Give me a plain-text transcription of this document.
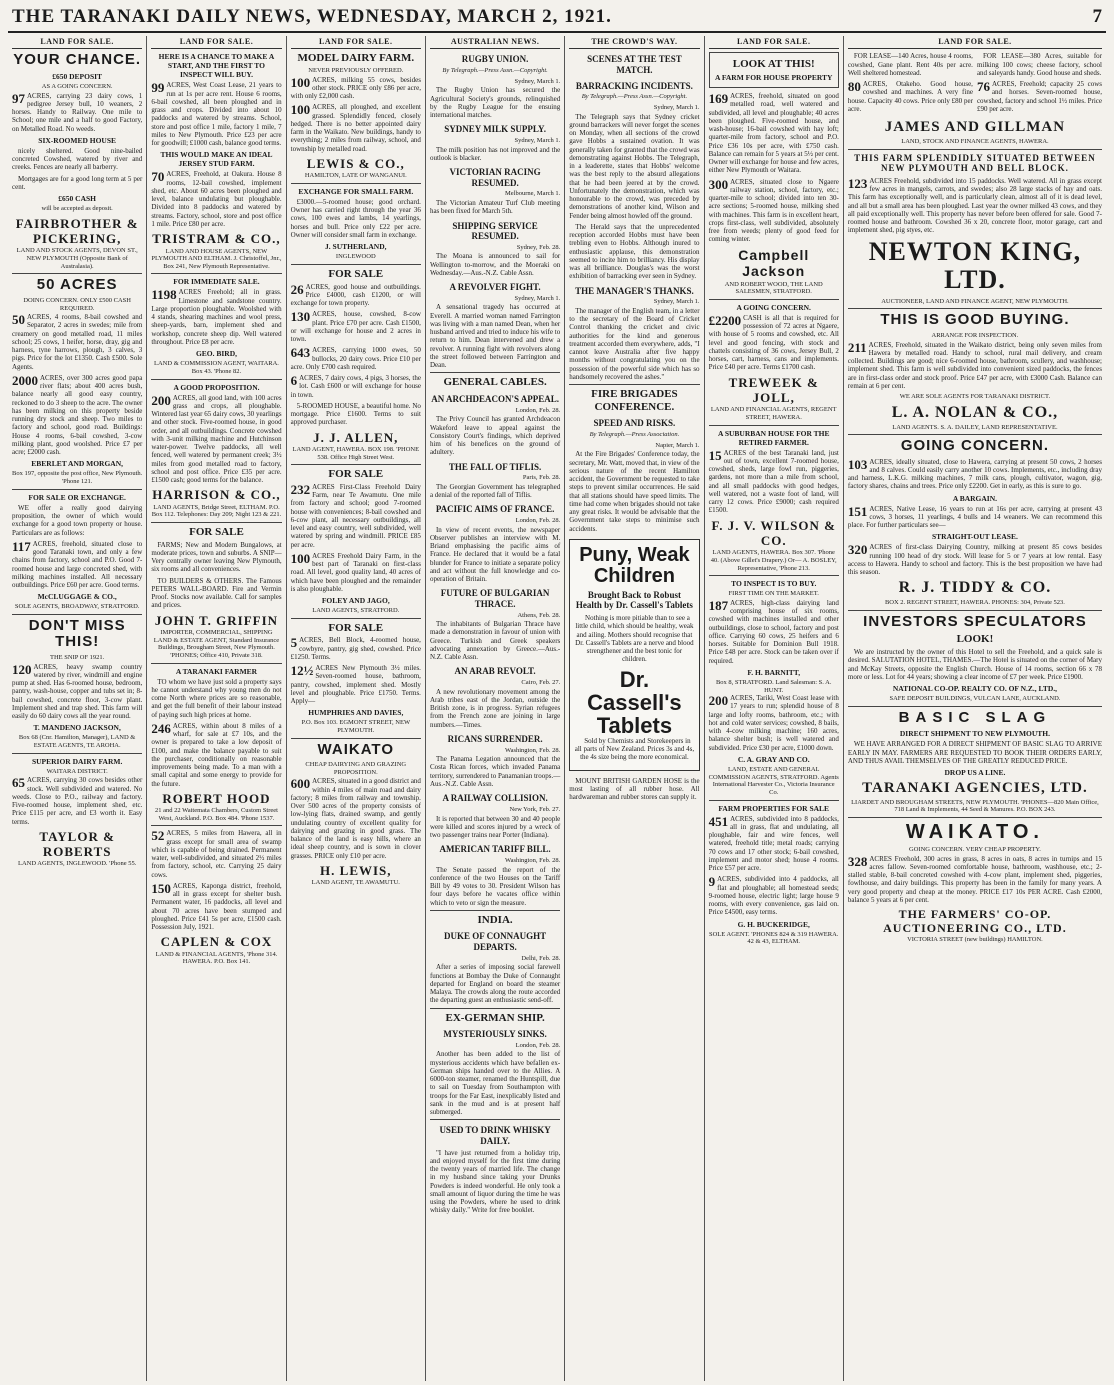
THE TARANAKI DAILY NEWS, WEDNESDAY, MARCH 2, 1921.	7
LAND FOR SALE.
YOUR CHANCE.
£650 DEPOSIT
AS A GOING CONCERN.
97 ACRES, carrying 23 dairy cows, 1 pedigree Jersey bull, 10 weaners, 2 horses. Handy to Railway. One mile to School; one mile and a half to good Factory, on Metalled Road. No weeds.
SIX-ROOMED HOUSE

nicely sheltered. Good nine-bailed concreted Cowshed, watered by river and creeks. Fences are nearly all barberry.

Mortgages are for a good long term at 5 per cent.

£650 CASH
will be accepted as deposit.
FAIRBROTHER & PICKERING,
LAND AND STOCK AGENTS, DEVON ST., NEW PLYMOUTH (Opposite Bank of Australasia).
50 ACRES
DOING CONCERN. ONLY £500 CASH REQUIRED.
50 ACRES, 4 rooms, 8-bail cowshed and Separator, 2 acres in swedes; mile from creamery on good metalled road, 11 miles school; 25 cows, 1 heifer, horse, dray, gig and harness, tyne harrows, plough, 3 calves, 3 pigs. Price for the lot £1350. Cash £500. Sole Agents.
2000 ACRES, over 300 acres good papa river flats; about 400 acres bush, balance nearly all good easy country, reckoned to do 3 sheep to the acre. The owner has been milking on this property beside running dry stock and sheep. Two miles to factory and school, good road. Buildings: House 4 rooms, 6-bail cowshed, 3-cow milking plant, good woolshed. Price £7 per acre; £2000 cash.
EBERLET AND MORGAN,
Box 197, opposite the post office, New Plymouth. 'Phone 121.
FOR SALE OR EXCHANGE.

WE offer a really good dairying proposition, the owner of which would exchange for a good town property or house. Particulars are as follows:

117 ACRES, freehold, situated close to good Taranaki town, and only a few chains from factory, school and P.O. Good 7-roomed house and large concreted shed, with milking machines installed. All necessary outbuildings. Price £60 per acre. Good terms.
McCLUGGAGE & CO.,
SOLE AGENTS, BROADWAY, STRATFORD.
DON'T MISS THIS!
THE SNIP OF 1921.
120 ACRES, heavy swamp country watered by river, windmill and engine pump at shed. Has 6-roomed house, bedroom, pantry, wash-house, copper and tubs set in; 8-bail cowshed, concrete floor, 3-cow plant. Implement shed and trap shed. This farm will easily do 60 dairy cows all the year round.
T. MANDENO JACKSON,
Box 68 (Cnr. Hamilton, Manager), LAND & ESTATE AGENTS, TE AROHA.
SUPERIOR DAIRY FARM.
WAITARA DISTRICT.
65 ACRES, carrying 30 cows besides other stock. Well subdivided and watered. No weeds. Close to P.O., railway and factory. Five-roomed house, implement shed, etc. Price £115 per acre, and £3 worth it. Easy terms.
TAYLOR & ROBERTS
LAND AGENTS, INGLEWOOD. 'Phone 55.
LAND FOR SALE.
HERE IS A CHANCE TO MAKE A START, AND THE FIRST TO INSPECT WILL BUY.
99 ACRES, West Coast Lease, 21 years to run at 1s per acre rent. House 6 rooms, 6-bail cowshed, all been ploughed and in grass and crops. Divided into about 10 paddocks and watered by streams. School, store and post office 1 mile, factory 1 mile, 7 miles to New Plymouth. Price £23 per acre for goodwill; £1000 cash, balance good terms.
THIS WOULD MAKE AN IDEAL JERSEY STUD FARM.
70 ACRES, Freehold, at Oakura. House 8 rooms, 12-bail cowshed, implement shed, etc. About 60 acres been ploughed and level, balance undulating but ploughable. Divided into 8 paddocks and watered by streams. Factory, school, store and post office 1 mile. Price £80 per acre.
TRISTRAM & CO.,
LAND AND HOUSE AGENTS, NEW PLYMOUTH AND ELTHAM. J. Christoffel, Jnr., Box 241, New Plymouth Representative.
FOR IMMEDIATE SALE.
1198 ACRES Freehold; all in grass. Limestone and sandstone country. Large proportion ploughable. Woolshed with 4 stands, shearing machines and wool press, sheep-yards, barn, implement shed and workshop, concrete sheep dip. Well watered throughout. Price £8 per acre.
GEO. BIRD,
LAND & COMMISSION AGENT, WAITARA. Box 43. 'Phone 82.
A GOOD PROPOSITION.
200 ACRES, all good land, with 100 acres grass and crops, all ploughable. Wintered last year 65 dairy cows, 30 yearlings and other stock. Five-roomed house, in good order, and all outbuildings. Concrete cowshed with 3-unit milking machine and Hutchinson water-power. Twelve paddocks, all well fenced, well watered by permanent creek; 3½ miles from good metalled road to factory, school and post office. Price £35 per acre. £1500 cash; good terms for the balance.
HARRISON & CO.,
LAND AGENTS, Bridge Street, ELTHAM. P.O. Box 112. Telephones: Day 209; Night 123 & 221.
FOR SALE

FARMS; New and Modern Bungalows, at moderate prices, town and suburbs. A SNIP—Very centrally owner leaving New Plymouth, six rooms and all conveniences.

TO BUILDERS & OTHERS. The Famous PETERS WALL-BOARD. Fire and Vermin Proof. Stocks now available. Call for samples and prices.

JOHN T. GRIFFIN
IMPORTER, COMMERCIAL, SHIPPING LAND & ESTATE AGENT, Standard Insurance Buildings, Brougham Street, New Plymouth. 'PHONES; Office 410, Private 318.
A TARANAKI FARMER

TO whom we have just sold a property says he cannot understand why young men do not come North where prices are so reasonable, and get the full benefit of their labour instead of paying such high prices at home.

246 ACRES, within about 8 miles of a wharf, for sale at £7 10s, and the owner is prepared to take a low deposit of £100, and make the balance payable to suit the purchaser, conditionally on reasonable improvements being made. To a man with a small capital and some energy to provide for the future.
ROBERT HOOD
21 and 22 Waitemata Chambers, Custom Street West, Auckland. P.O. Box 484. 'Phone 1537.
52 ACRES, 5 miles from Hawera, all in grass except for small area of swamp which is capable of being drained. Permanent water, well-subdivided, and situated 2½ miles from factory, school, etc. Carrying 25 dairy cows.
150 ACRES, Kaponga district, freehold, all in grass except for shelter bush. Permanent water, 16 paddocks, all level and about 70 acres have been stumped and ploughed. Price £41 5s per acre, £1500 cash. Possession July, 1921.
CAPLEN & COX
LAND & FINANCIAL AGENTS, 'Phone 314. HAWERA. P.O. Box 141.
LAND FOR SALE.
MODEL DAIRY FARM.
NEVER PREVIOUSLY OFFERED.
100 ACRES, milking 55 cows, besides other stock. PRICE only £86 per acre, with only £2,000 cash.
100 ACRES, all ploughed, and excellent grassed. Splendidly fenced, closely hedged. There is no better appointed dairy farm in the Waikato. New buildings, handy to everything; 2 miles from railway, school, and township by metalled road.
LEWIS & CO.,
HAMILTON, LATE OF WANGANUI.
EXCHANGE FOR SMALL FARM.

£3000.—5-roomed house; good orchard. Owner has carried right through the year 36 cows, 100 ewes and lambs, 14 yearlings, horses and bull. Price only £22 per acre. Owner will consider small farm in exchange.

J. SUTHERLAND,
INGLEWOOD
FOR SALE
26 ACRES, good house and outbuildings. Price £4000, cash £1200, or will exchange for town property.
130 ACRES, house, cowshed, 8-cow plant. Price £70 per acre. Cash £1500, or will exchange for house and 2 acres in town.
643 ACRES, carrying 1000 ewes, 50 bullocks, 20 dairy cows. Price £10 per acre. Only £700 cash required.
6 ACRES, 7 dairy cows, 4 pigs, 3 horses, the lot. Cash £600 or will exchange for house in town.

5-ROOMED HOUSE, a beautiful home. No mortgage. Price £1600. Terms to suit approved purchaser.

J. J. ALLEN,
LAND AGENT, HAWERA. BOX 198. 'PHONE 538. Office High Street West.
FOR SALE
232 ACRES First-Class Freehold Dairy Farm, near Te Awamutu. One mile from factory and school; good 7-roomed house with conveniences; 8-bail cowshed and 6-cow plant, all necessary outbuildings, all level and easy country, well subdivided, well watered by spring and windmill. PRICE £85 per acre.
100 ACRES Freehold Dairy Farm, in the best part of Taranaki on first-class road. All level, good quality land, 40 acres of which have been ploughed and the remainder is also ploughable.
FOLEY AND JAGO,
LAND AGENTS, STRATFORD.
FOR SALE
5 ACRES, Bell Block, 4-roomed house, cowbyre, pantry, gig shed, cowshed. Price £1250. Terms.
12½ ACRES New Plymouth 3½ miles. Seven-roomed house, bathroom, pantry, cowshed, implement shed. Mostly level and ploughable. Price £1750. Terms. Apply—
HUMPHRIES AND DAVIES,
P.O. Box 103. EGMONT STREET, NEW PLYMOUTH.
WAIKATO
CHEAP DAIRYING AND GRAZING PROPOSITION.
600 ACRES, situated in a good district and within 4 miles of main road and dairy factory; 8 miles from railway and township. Over 500 acres of the property consists of low-lying flats, drained swamp, and gently undulating country of excellent quality for dairying and grazing in good grass. The balance of the land is easy hills, where an ideal sheep country, and is sown in clover grasses. PRICE only £10 per acre.
H. LEWIS,
LAND AGENT, TE AWAMUTU.
AUSTRALIAN NEWS.
RUGBY UNION.
By Telegraph.—Press Assn.—Copyright.
Sydney, March 1.

The Rugby Union has secured the Agricultural Society's grounds, relinquished by the Rugby League for the ensuing international matches.

SYDNEY MILK SUPPLY.
Sydney, March 1.

The milk position has not improved and the outlook is blacker.

VICTORIAN RACING RESUMED.
Melbourne, March 1.

The Victorian Amateur Turf Club meeting has been fixed for March 5th.

SHIPPING SERVICE RESUMED.
Sydney, Feb. 28.

The Moana is announced to sail for Wellington to-morrow, and the Moeraki on Wednesday.—Aus.-N.Z. Cable Assn.

A REVOLVER FIGHT.
Sydney, March 1.

A sensational tragedy has occurred at Everell. A married woman named Farrington was living with a man named Dean, when her husband arrived and tried to induce his wife to return to him. Dean intervened and drew a revolver. A running fight with revolvers along the street followed between Farrington and Dean.

GENERAL CABLES.
AN ARCHDEACON'S APPEAL.
London, Feb. 28.

The Privy Council has granted Archdeacon Wakeford leave to appeal against the Consistory Court's findings, which deprived him of his benefices on the ground of adultery.

THE FALL OF TIFLIS.
Paris, Feb. 28.

The Georgian Government has telegraphed a denial of the reported fall of Tiflis.

PACIFIC AIMS OF FRANCE.
London, Feb. 28.

In view of recent events, the newspaper Observer publishes an interview with M. Briand emphasising the pacific aims of France. He declared that it would be a fatal blunder for France to initiate a separate policy and act without the full knowledge and co-operation of Britain.

FUTURE OF BULGARIAN THRACE.
Athens, Feb. 28.

The inhabitants of Bulgarian Thrace have made a demonstration in favour of union with Greece. Turkish and Greek speakers advocating annexation by Greece.—Aus.-N.Z. Cable Assn.

AN ARAB REVOLT.
Cairo, Feb. 27.

A new revolutionary movement among the Arab tribes east of the Jordan, outside the British zone, is in progress. Syrian refugees from the French zone are joining in large numbers.—Times.

RICANS SURRENDER.
Washington, Feb. 28.

The Panama Legation announced that the Costa Rican forces, which invaded Panama territory, surrendered to Panamanian troops.—Aus.-N.Z. Cable Assn.

A RAILWAY COLLISION.
New York, Feb. 27.

It is reported that between 30 and 40 people were killed and scores injured by a wreck of two passenger trains near Porter (Indiana).

AMERICAN TARIFF BILL.
Washington, Feb. 28.

The Senate passed the report of the conference of the two Houses on the Tariff Bill by 49 votes to 30. President Wilson has four days before he vacates office within which to veto or sign the measure.

INDIA.
DUKE OF CONNAUGHT DEPARTS.
Delhi, Feb. 28.

After a series of imposing social farewell functions at Bombay the Duke of Connaught departed for England on board the steamer Malaya. The crowds along the route accorded the departing guest an enthusiastic send-off.

EX-GERMAN SHIP.
MYSTERIOUSLY SINKS.
London, Feb. 28.

Another has been added to the list of mysterious accidents which have befallen ex-German ships handed over to the Allies. A 6000-ton steamer, renamed the Huntspill, due to sail on Tuesday from Southampton with troops for the Far East, inexplicably listed and sank in the mud and is at present half submerged.

USED TO DRINK WHISKY DAILY.

"I have just returned from a holiday trip, and enjoyed myself for the first time during the twenty years of married life. The change in my husband since taking your Drunks Powders is indeed wonderful. He only took a small amount of liquor during the time he was using the Powders, where he used to drink whisky daily." Write for free booklet.

THE CROWD'S WAY.
SCENES AT THE TEST MATCH.
BARRACKING INCIDENTS.
By Telegraph.—Press Assn.—Copyright.
Sydney, March 1.

The Telegraph says that Sydney cricket ground barrackers will never forget the scenes on Monday, when all sections of the crowd gave Hobbs a sustained ovation. It was generally taken for granted that the crowd was demonstrating against Hobbs. The Telegraph, in a leaderette, states that Hobbs' welcome was the best reply to the absurd allegations that he had been jeered at by the crowd. Unfortunately the demonstration, which was honourable to the crowd, was preceded by demonstrations of another kind, Wilson and Fender being almost howled off the ground.

The Herald says that the unprecedented reception accorded Hobbs must have been trebling even to Hobbs. Although inured to enthusiastic applause, this demonstration seemed to incite him to brilliancy. His display was all brilliance. Douglas's was the worst exhibition of barracking ever seen in Sydney.

THE MANAGER'S THANKS.
Sydney, March 1.

The manager of the English team, in a letter to the secretary of the Board of Cricket Control thanking the cricket and civic authorities for the kind and generous treatment accorded them everywhere, adds, "I cannot leave Australia after five happy months without congratulating you on the possession of the powerful side which has so handsomely recovered the ashes."

FIRE BRIGADES CONFERENCE.
SPEED AND RISKS.
By Telegraph.—Press Association.
Napier, March 1.

At the Fire Brigades' Conference today, the secretary, Mr. Watt, moved that, in view of the serious nature of the recent Hamilton accident, the Government be requested to take steps to prevent similar occurrences. He said that all stations should have speed limits. The time had come when brigades should not take any great risks. It would be advisable that the Government take steps to minimise such accidents.

Puny, Weak Children
Brought Back to Robust Health by Dr. Cassell's Tablets

Nothing is more pitiable than to see a little child, which should be healthy, weak and ailing. Mothers should recognise that Dr. Cassell's Tablets are a nerve and blood strengthener and the best tonic for children.

Dr. Cassell's Tablets

Sold by Chemists and Storekeepers in all parts of New Zealand. Prices 3s and 4s, the 4s size being the more economical.

MOUNT BRITISH GARDEN HOSE is the most lasting of all rubber hose. All hardwareman and rubber stores can supply it.

LAND FOR SALE.
LOOK AT THIS!
A FARM FOR HOUSE PROPERTY
169 ACRES, freehold, situated on good metalled road, well watered and subdivided, all level and ploughable; 40 acres been ploughed. Five-roomed house, and wash-house; 16-bail cowshed with hay loft; quarter-mile from factory, school and P.O. Price £36 10s per acre, with £750 cash. Balance can remain for 5 years at 5½ per cent. Owner will exchange for house and few acres, either New Plymouth or Waitara.
300 ACRES, situated close to Ngaere railway station, school, factory, etc.; quarter-mile to school; divided into ten 30-acre sections; 5-roomed house, milking shed with machines. This farm is in excellent heart, crops first-class, well subdivided, absolutely free from weeds; plenty of good feed for coming winter.
Campbell Jackson
AND ROBERT WOOD, THE LAND SALESMEN, STRATFORD.
A GOING CONCERN.
£2200 CASH is all that is required for possession of 72 acres at Ngaere, with house of 5 rooms and cowshed, etc. All level and good fencing, with stock and chattels consisting of 36 cows, Jersey Bull, 2 horses, cart, harness, cans and implements. Price £40 per acre. Terms £1700 cash.
TREWEEK & JOLL,
LAND AND FINANCIAL AGENTS, REGENT STREET, HAWERA.
A SUBURBAN HOUSE FOR THE RETIRED FARMER.
15 ACRES of the best Taranaki land, just out of town, excellent 7-roomed house, cowshed, sheds, large fowl run, piggeries, gardens, not more than a mile from school, and all small paddocks with good hedges, well watered, not a waste foot of land, will carry 12 cows. Price £9000; cash required £1500.
F. J. V. WILSON & CO.
LAND AGENTS, HAWERA. Box 307. 'Phone 40. (Above Gillet's Drapery.) Or— A. BOSLEY, Representative, 'Phone 213.
TO INSPECT IS TO BUY.
FIRST TIME ON THE MARKET.
187 ACRES, high-class dairying land comprising house of six rooms, cowshed with machines installed and other outbuildings, close to school, factory and post office. Carrying 60 cows, 25 heifers and 6 horses. Suitable for Dominion Bull 1918. Price £48 per acre. Stock can be taken over if required.
F. H. BARNITT,
Box 8, STRATFORD. Land Salesman: S. A. HUNT.
200 ACRES, Tariki, West Coast lease with 17 years to run; splendid house of 8 large and lofty rooms, bathroom, etc.; with hot and cold water services; cowshed, 8 bails, with 4-cow milking machine; 160 acres, balance shelter bush; is well watered and subdivided. Price £30 per acre, £1000 down.
C. A. GRAY AND CO.
LAND, ESTATE AND GENERAL COMMISSION AGENTS, STRATFORD. Agents International Harvester Co., Victoria Insurance Co.
FARM PROPERTIES FOR SALE
451 ACRES, subdivided into 8 paddocks, all in grass, flat and undulating, all ploughable, fair and wire fences, well watered, freehold title; metal roads; carrying 70 cows and 17 other stock; 6-bail cowshed, implement and motor shed; house 4 rooms. Price £57 per acre.
9 ACRES, subdivided into 4 paddocks, all flat and ploughable; all homestead seeds; 9-roomed house, electric light; large house 9 rooms, with every convenience, gas laid on. Price £4500, easy terms.
G. H. BUCKERIDGE,
SOLE AGENT. 'PHONES 824 & 319 HAWERA. 42 & 43, ELTHAM.
LAND FOR SALE.

FOR LEASE—140 Acres, house 4 rooms, cowshed, Gane plant. Rent 40s per acre. Well sheltered homestead.

80 ACRES, Otakeho. Good house, cowshed and machines. A very fine house. Capacity 40 cows. Price only £80 per acre.

FOR LEASE—380 Acres, suitable for milking 100 cows; cheese factory, school and saleyards handy. Good house and sheds.

76 ACRES, Freehold; capacity 25 cows and horses. Seven-roomed house, cowshed, factory and school 1½ miles. Price £90 per acre.
JAMES AND GILLMAN
LAND, STOCK AND FINANCE AGENTS, HAWERA.
THIS FARM SPLENDIDLY SITUATED BETWEEN NEW PLYMOUTH AND BELL BLOCK.
123 ACRES Freehold, subdivided into 15 paddocks. Well watered. All in grass except few acres in mangels, carrots, and swedes; also 28 large stacks of hay and oats. This farm has exceptionally well, and is particularly clean, almost all of it is dead level, and all but a small area has been ploughed. Last year the owner milked 43 cows, and they all paid exceptionally well. This property has never before been offered for sale. Good 7-roomed house and bathroom. Cowshed 36 x 20, concrete floor, motor garage, cart and implement shed, pig styes, etc.
NEWTON KING, LTD.
AUCTIONEER, LAND AND FINANCE AGENT, NEW PLYMOUTH.
THIS IS GOOD BUYING.
ARRANGE FOR INSPECTION.
211 ACRES, Freehold, situated in the Waikato district, being only seven miles from Hawera by metalled road. Handy to school, rural mail delivery, and cream collected. Buildings are good; nice 6-roomed house, bathroom, scullery, and washhouse; implement shed. This farm is well subdivided into convenient sized paddocks, the fences are in first-class order and stock proof. Price £47 per acre, with £3000 Cash. Balance can remain at 6 per cent.
WE ARE SOLE AGENTS FOR TARANAKI DISTRICT.
L. A. NOLAN & CO.,
LAND AGENTS. S. A. DAILEY, LAND REPRESENTATIVE.
GOING CONCERN.
103 ACRES, ideally situated, close to Hawera, carrying at present 50 cows, 2 horses and 8 calves. Could easily carry another 10 cows. Implements, etc., including dray and harness, L.K.G. milking machines, 7 milk cans, plough, cultivator, wagon, gig, factory shares, chains and trees. Price only £2200. Get in early, as this is sure to go.
A BARGAIN.
151 ACRES, Native Lease, 16 years to run at 16s per acre, carrying at present 43 cows, 3 horses, 11 yearlings, 4 bulls and 14 weaners. We can recommend this place. For further particulars see—
STRAIGHT-OUT LEASE.
320 ACRES of first-class Dairying Country, milking at present 85 cows besides running 100 head of dry stock. Will lease for 5 or 7 years at low rental. Easy access to Hawera. Handy to school and factory. This is the best proposition we have had this season.
R. J. TIDDY & CO.
BOX 2. REGENT STREET, HAWERA. PHONES: 304, Private 523.
INVESTORS SPECULATORS
LOOK!

We are instructed by the owner of this Hotel to sell the Freehold, and a quick sale is desired. SALUTATION HOTEL, THAMES.—The Hotel is situated on the corner of Mary and McKay Streets, opposite the English Church. House of 14 rooms, section 66 x 78 more or less. Lot for 44 years; showing a clear income of £7 per week. Price £1900.

NATIONAL CO-OP. REALTY CO. OF N.Z., LTD.,
SAFE DEPOSIT BUILDINGS, VULCAN LANE, AUCKLAND.
BASIC SLAG
DIRECT SHIPMENT TO NEW PLYMOUTH.

WE HAVE ARRANGED FOR A DIRECT SHIPMENT OF BASIC SLAG TO ARRIVE EARLY IN MAY. FARMERS ARE REQUESTED TO BOOK THEIR ORDERS EARLY, AND THUS AVAIL THEMSELVES OF THE GREATLY REDUCED PRICE.

DROP US A LINE.
TARANAKI AGENCIES, LTD.
LIARDET AND BROUGHAM STREETS, NEW PLYMOUTH. 'PHONES—820 Main Office, 718 Land & Implements, 44 Seed & Manures. P.O. BOX 243.
WAIKATO.
GOING CONCERN. VERY CHEAP PROPERTY.
328 ACRES Freehold, 300 acres in grass, 8 acres in oats, 8 acres in turnips and 15 acres fallow. Seven-roomed comfortable house, bathroom, washhouse, etc.; 2-stalled stable, 8-bail concreted cowshed with 4-cow plant, implement shed, piggeries, fowlhouse, and dairy buildings. This property has been in the family for many years. A very good property and cheap at the money. PRICE £17 10s PER ACRE. Cash £2000, balance 5 years at 6 per cent.
THE FARMERS' CO-OP. AUCTIONEERING CO., LTD.
VICTORIA STREET (new buildings) HAMILTON.
